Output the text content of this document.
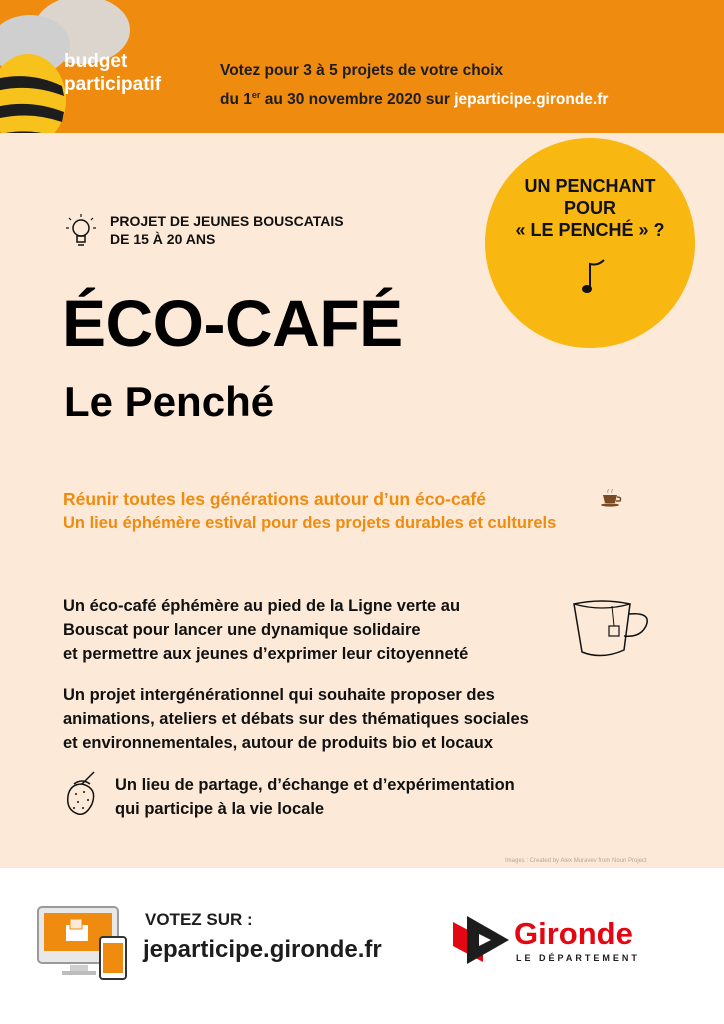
budget
participatif
Votez pour 3 à 5 projets de votre choix
du 1er au 30 novembre 2020 sur jeparticipe.gironde.fr
UN PENCHANT
POUR
« LE PENCHÉ » ?
PROJET DE JEUNES BOUSCATAIS
DE 15 À 20 ANS
ÉCO-CAFÉ
Le Penché
Réunir toutes les générations autour d’un éco-café
Un lieu éphémère estival pour des projets durables et culturels
Un éco-café éphémère au pied de la Ligne verte au
Bouscat pour lancer une dynamique solidaire
et permettre aux jeunes d’exprimer leur citoyenneté
Un projet intergénérationnel qui souhaite proposer des
animations, ateliers et débats sur des thématiques sociales
et environnementales, autour de produits bio et locaux
Un lieu de partage, d’échange et d’expérimentation
qui participe à la vie locale
Images : Created by Alex Muravev from Noun Project
VOTEZ SUR :
jeparticipe.gironde.fr	Gironde
LE DÉPARTEMENT
